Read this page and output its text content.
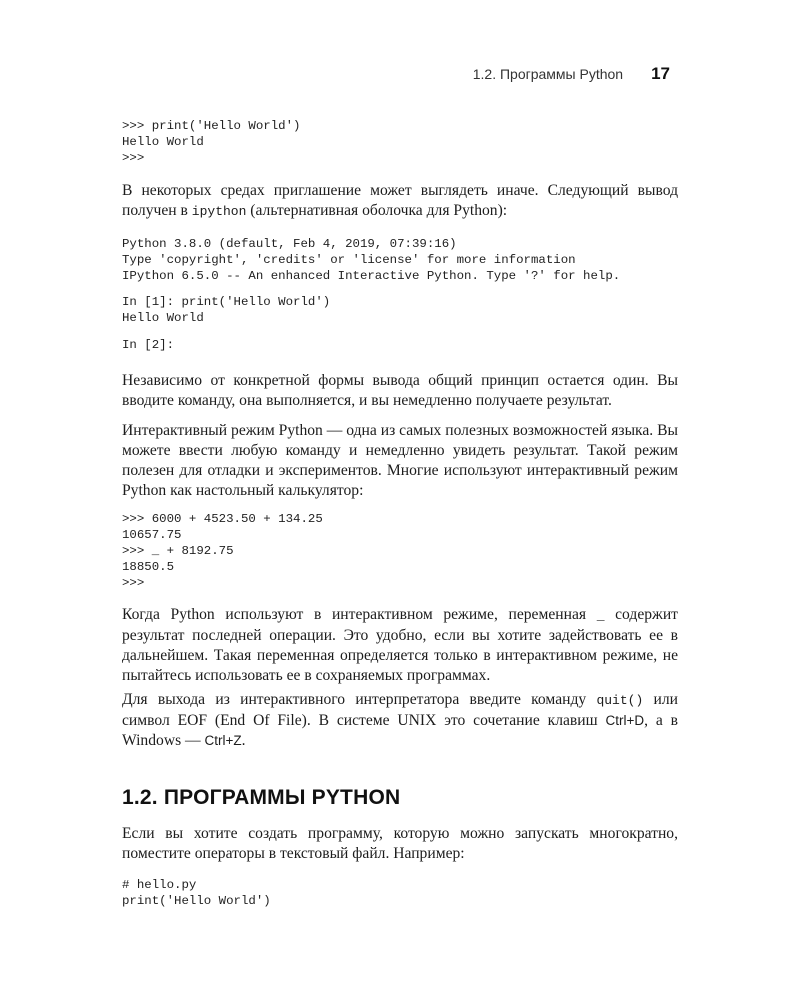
1.2. Программы Python 17
>>> print('Hello World')
Hello World
>>>

В некоторых средах приглашение может выглядеть иначе. Следующий вывод получен в ipython (альтернативная оболочка для Python):

Python 3.8.0 (default, Feb 4, 2019, 07:39:16)
Type 'copyright', 'credits' or 'license' for more information
IPython 6.5.0 -- An enhanced Interactive Python. Type '?' for help.
In [1]: print('Hello World')
Hello World
In [2]:

Независимо от конкретной формы вывода общий принцип остается один. Вы вводите команду, она выполняется, и вы немедленно получаете результат.

Интерактивный режим Python — одна из самых полезных возможностей языка. Вы можете ввести любую команду и немедленно увидеть результат. Такой режим полезен для отладки и экспериментов. Многие используют интерактивный режим Python как настольный калькулятор:

>>> 6000 + 4523.50 + 134.25
10657.75
>>> _ + 8192.75
18850.5
>>>

Когда Python используют в интерактивном режиме, переменная _ содержит результат последней операции. Это удобно, если вы хотите задействовать ее в дальнейшем. Такая переменная определяется только в интерактивном режиме, не пытайтесь использовать ее в сохраняемых программах.

Для выхода из интерактивного интерпретатора введите команду quit() или символ EOF (End Of File). В системе UNIX это сочетание клавиш Ctrl+D, а в Windows — Ctrl+Z.

1.2. ПРОГРАММЫ PYTHON

Если вы хотите создать программу, которую можно запускать многократно, поместите операторы в текстовый файл. Например:

# hello.py
print('Hello World')
